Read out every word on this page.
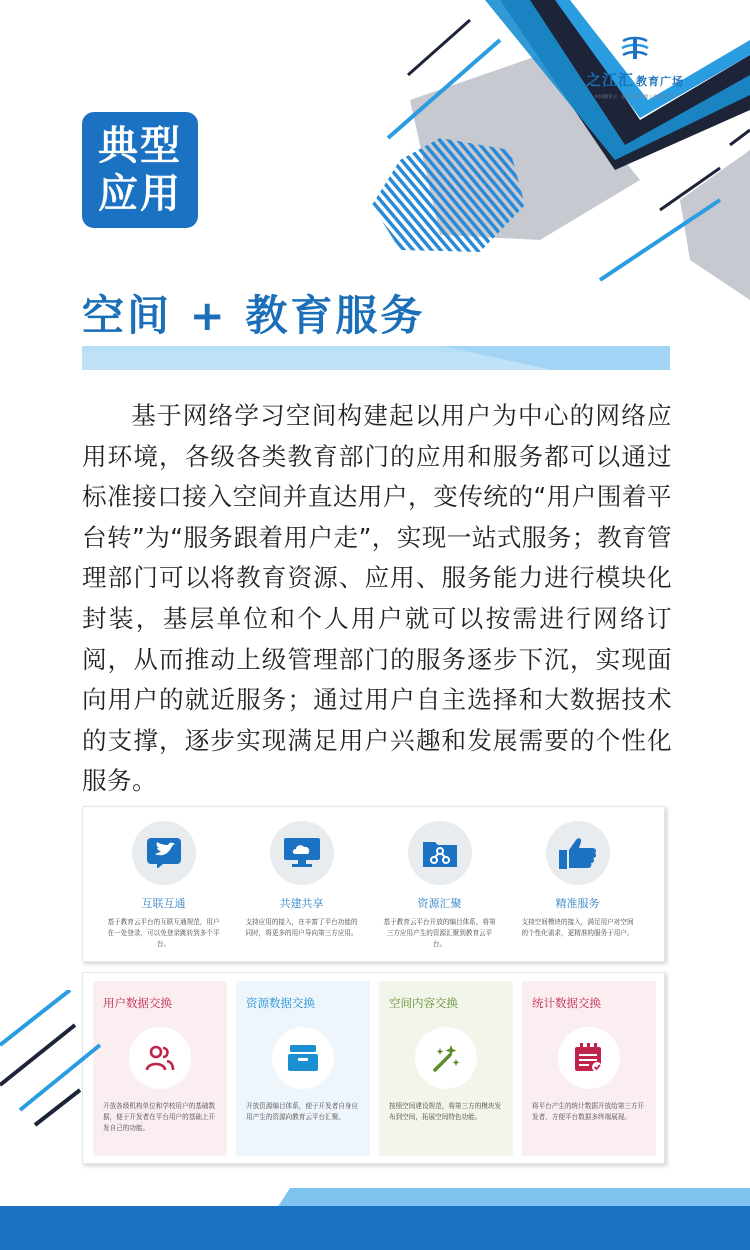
之江汇 教育广场
中国教育云 · 浙江教育资源公共服务平台
典型
应用
空间 + 教育服务
基于网络学习空间构建起以用户为中心的网络应用环境，各级各类教育部门的应用和服务都可以通过标准接口接入空间并直达用户，变传统的“用户围着平台转”为“服务跟着用户走”，实现一站式服务；教育管理部门可以将教育资源、应用、服务能力进行模块化封装，基层单位和个人用户就可以按需进行网络订阅，从而推动上级管理部门的服务逐步下沉，实现面向用户的就近服务；通过用户自主选择和大数据技术的支撑，逐步实现满足用户兴趣和发展需要的个性化服务。
互联互通
基于教育云平台的互联互通规范，用户在一处登录，可以免登录跳转到多个平台。
共建共享
支持应用的接入，在丰富了平台功能的同时，将更多的用户导向第三方应用。
资源汇聚
基于教育云平台开放的编目体系，将第三方应用产生的资源汇聚到教育云平台。
精准服务
支持空间模块的接入，满足用户对空间的个性化需求，更精准的服务于用户。
用户数据交换
开放各级机构单位和学校用户的基础数据，便于开发者在平台用户的基础上开发自己的功能。
资源数据交换
开放资源编目体系，便于开发者自身应用产生的资源向教育云平台汇聚。
空间内容交换
按照空间建设规范，将第三方的模块发布到空间，拓展空间特色功能。
统计数据交换
将平台产生的统计数据开放给第三方开发者，方便平台数据多终端展现。
